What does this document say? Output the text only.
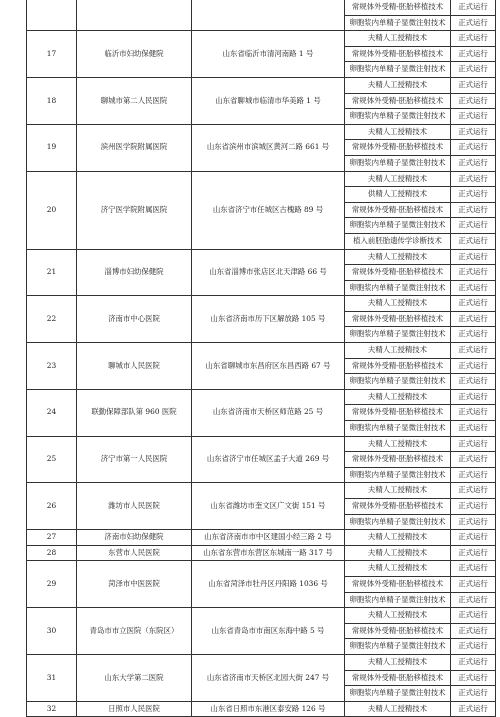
			常规体外受精-胚胎移植技术	正式运行
			卵胞浆内单精子显微注射技术	正式运行
17	临沂市妇幼保健院	山东省临沂市清河南路 1 号	夫精人工授精技术	正式运行
			常规体外受精-胚胎移植技术	正式运行
			卵胞浆内单精子显微注射技术	正式运行
18	聊城市第二人民医院	山东省聊城市临清市华美路 1 号	夫精人工授精技术	正式运行
			常规体外受精-胚胎移植技术	正式运行
			卵胞浆内单精子显微注射技术	正式运行
19	滨州医学院附属医院	山东省滨州市滨城区黄河二路 661 号	夫精人工授精技术	正式运行
			常规体外受精-胚胎移植技术	正式运行
			卵胞浆内单精子显微注射技术	正式运行
20	济宁医学院附属医院	山东省济宁市任城区古槐路 89 号	夫精人工授精技术	正式运行
			供精人工授精技术	正式运行
			常规体外受精-胚胎移植技术	正式运行
			卵胞浆内单精子显微注射技术	正式运行
			植入前胚胎遗传学诊断技术	正式运行
21	淄博市妇幼保健院	山东省淄博市张店区北天津路 66 号	夫精人工授精技术	正式运行
			常规体外受精-胚胎移植技术	正式运行
			卵胞浆内单精子显微注射技术	正式运行
22	济南市中心医院	山东省济南市历下区解放路 105 号	夫精人工授精技术	正式运行
			常规体外受精-胚胎移植技术	正式运行
			卵胞浆内单精子显微注射技术	正式运行
23	聊城市人民医院	山东省聊城市东昌府区东昌西路 67 号	夫精人工授精技术	正式运行
			常规体外受精-胚胎移植技术	正式运行
			卵胞浆内单精子显微注射技术	正式运行
24	联勤保障部队第 960 医院	山东省济南市天桥区师范路 25 号	夫精人工授精技术	正式运行
			常规体外受精-胚胎移植技术	正式运行
			卵胞浆内单精子显微注射技术	正式运行
25	济宁市第一人民医院	山东省济宁市任城区孟子大道 269 号	夫精人工授精技术	正式运行
			常规体外受精-胚胎移植技术	正式运行
			卵胞浆内单精子显微注射技术	正式运行
26	潍坊市人民医院	山东省潍坊市奎文区广文街 151 号	夫精人工授精技术	正式运行
			常规体外受精-胚胎移植技术	正式运行
			卵胞浆内单精子显微注射技术	正式运行
27	济南市妇幼保健院	山东省济南市市中区建国小经三路 2 号	夫精人工授精技术	正式运行
28	东营市人民医院	山东省东营市东营区东城南一路 317 号	夫精人工授精技术	正式运行
29	菏泽市中医医院	山东省菏泽市牡丹区丹阳路 1036 号	夫精人工授精技术	正式运行
			常规体外受精-胚胎移植技术	正式运行
			卵胞浆内单精子显微注射技术	正式运行
30	青岛市市立医院（东院区）	山东省青岛市市南区东海中路 5 号	夫精人工授精技术	正式运行
			常规体外受精-胚胎移植技术	正式运行
			卵胞浆内单精子显微注射技术	正式运行
31	山东大学第二医院	山东省济南市天桥区北园大街 247 号	夫精人工授精技术	正式运行
			常规体外受精-胚胎移植技术	正式运行
			卵胞浆内单精子显微注射技术	正式运行
32	日照市人民医院	山东省日照市东港区泰安路 126 号	夫精人工授精技术	正式运行
